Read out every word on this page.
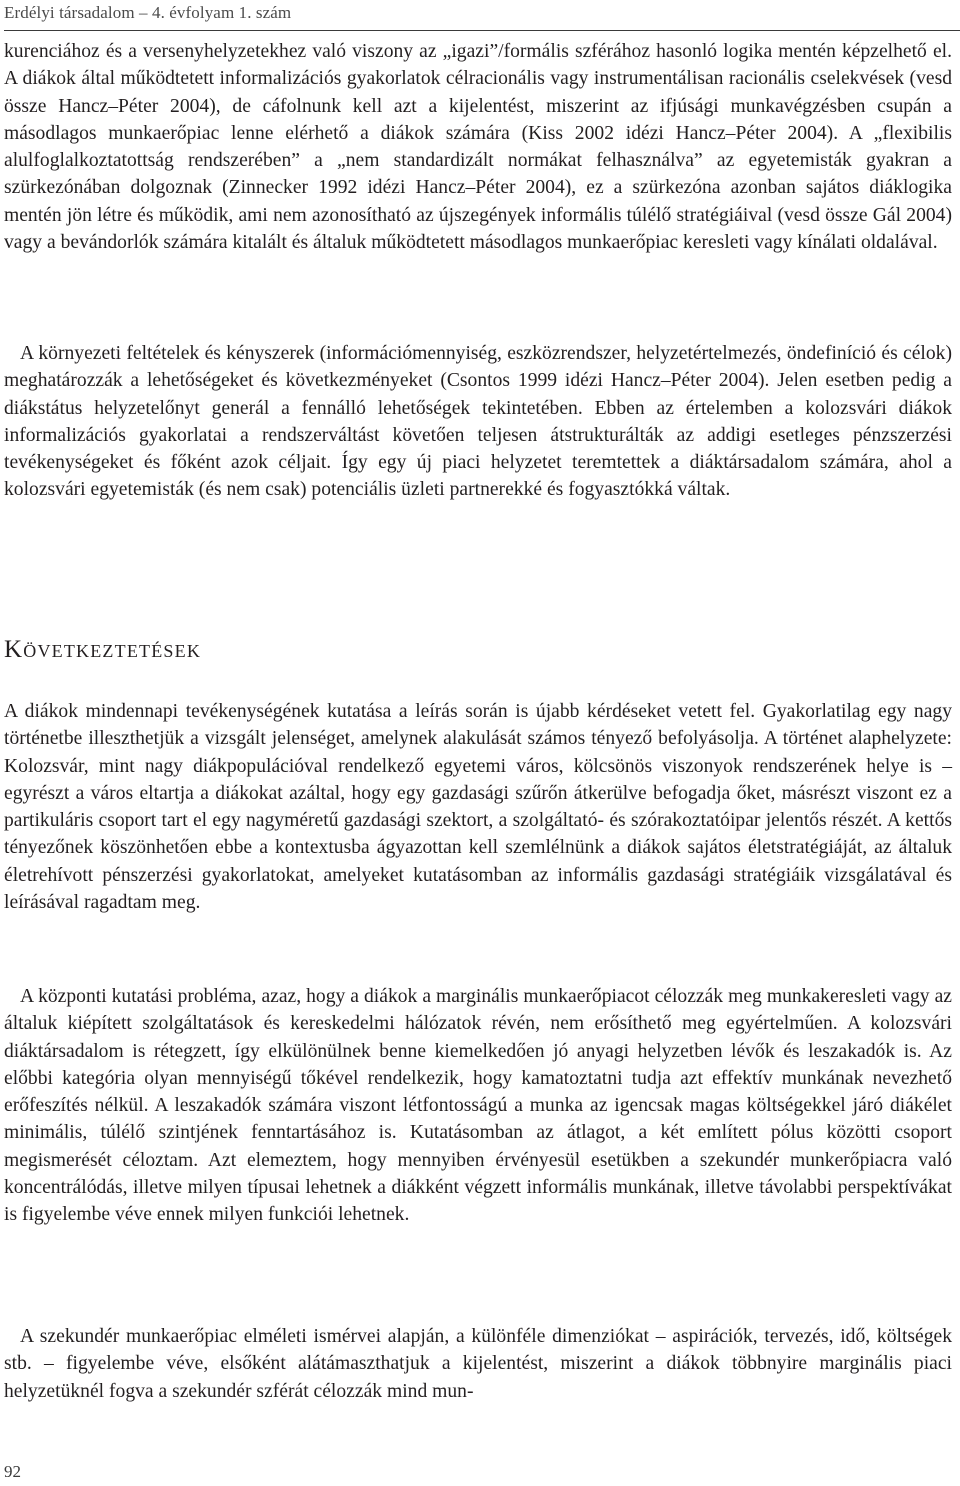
Erdélyi társadalom – 4. évfolyam 1. szám

kurenciához és a versenyhelyzetekhez való viszony az „igazi”/formális szférához hasonló logika mentén képzelhető el. A diákok által működtetett informalizációs gyakorlatok célracionális vagy instrumentálisan racionális cselekvések (vesd össze Hancz–Péter 2004), de cáfolnunk kell azt a kijelentést, miszerint az ifjúsági munkavégzésben csupán a másodlagos munkaerőpiac lenne elérhető a diákok számára (Kiss 2002 idézi Hancz–Péter 2004). A „flexibilis alulfoglalkoztatottság rendszerében” a „nem standardizált normákat felhasználva” az egyetemisták gyakran a szürkezónában dolgoznak (Zinnecker 1992 idézi Hancz–Péter 2004), ez a szürkezóna azonban sajátos diáklogika mentén jön létre és működik, ami nem azonosítható az újszegények informális túlélő stratégiáival (vesd össze Gál 2004) vagy a bevándorlók számára kitalált és általuk működtetett másodlagos munkaerőpiac keresleti vagy kínálati oldalával.

A környezeti feltételek és kényszerek (információmennyiség, eszközrendszer, helyzetértelmezés, öndefiníció és célok) meghatározzák a lehetőségeket és következményeket (Csontos 1999 idézi Hancz–Péter 2004). Jelen esetben pedig a diákstátus helyzetelőnyt generál a fennálló lehetőségek tekintetében. Ebben az értelemben a kolozsvári diákok informalizációs gyakorlatai a rendszerváltást követően teljesen átstrukturálták az addigi esetleges pénzszerzési tevékenységeket és főként azok céljait. Így egy új piaci helyzetet teremtettek a diáktársadalom számára, ahol a kolozsvári egyetemisták (és nem csak) potenciális üzleti partnerekké és fogyasztókká váltak.

Következtetések

A diákok mindennapi tevékenységének kutatása a leírás során is újabb kérdéseket vetett fel. Gyakorlatilag egy nagy történetbe illeszthetjük a vizsgált jelenséget, amelynek alakulását számos tényező befolyásolja. A történet alaphelyzete: Kolozsvár, mint nagy diákpopulációval rendelkező egyetemi város, kölcsönös viszonyok rendszerének helye is – egyrészt a város eltartja a diákokat azáltal, hogy egy gazdasági szűrőn átkerülve befogadja őket, másrészt viszont ez a partikuláris csoport tart el egy nagyméretű gazdasági szektort, a szolgáltató- és szórakoztatóipar jelentős részét. A kettős tényezőnek köszönhetően ebbe a kontextusba ágyazottan kell szemlélnünk a diákok sajátos életstratégiáját, az általuk életrehívott pénszerzési gyakorlatokat, amelyeket kutatásomban az informális gazdasági stratégiáik vizsgálatával és leírásával ragadtam meg.

A központi kutatási probléma, azaz, hogy a diákok a marginális munkaerőpiacot célozzák meg munkakeresleti vagy az általuk kiépített szolgáltatások és kereskedelmi hálózatok révén, nem erősíthető meg egyértelműen. A kolozsvári diáktársadalom is rétegzett, így elkülönülnek benne kiemelkedően jó anyagi helyzetben lévők és leszakadók is. Az előbbi kategória olyan mennyiségű tőkével rendelkezik, hogy kamatoztatni tudja azt effektív munkának nevezhető erőfeszítés nélkül. A leszakadók számára viszont létfontosságú a munka az igencsak magas költségekkel járó diákélet minimális, túlélő szintjének fenntartásához is. Kutatásomban az átlagot, a két említett pólus közötti csoport megismerését céloztam. Azt elemeztem, hogy mennyiben érvényesül esetükben a szekundér munkerőpiacra való koncentrálódás, illetve milyen típusai lehetnek a diákként végzett informális munkának, illetve távolabbi perspektívákat is figyelembe véve ennek milyen funkciói lehetnek.

A szekundér munkaerőpiac elméleti ismérvei alapján, a különféle dimenziókat – aspirációk, tervezés, idő, költségek stb. – figyelembe véve, elsőként alátámaszthatjuk a kijelentést, miszerint a diákok többnyire marginális piaci helyzetüknél fogva a szekundér szférát célozzák mind mun-

92
